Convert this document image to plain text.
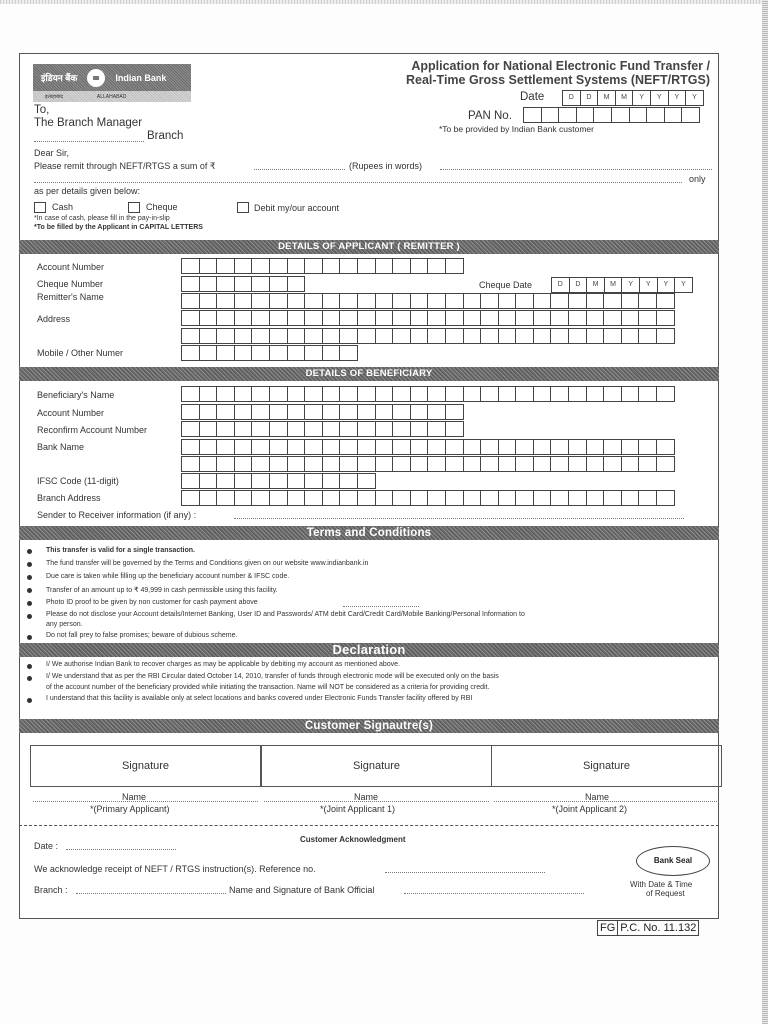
इंडियन बैंक	Indian Bank
इलाहाबाद	ALLAHABAD
Application for National Electronic Fund Transfer /
Real-Time Gross Settlement Systems (NEFT/RTGS)
Date	D	D	M	M	Y	Y	Y	Y
PAN No.
*To be provided by Indian Bank customer
To,
The Branch Manager
Branch
Dear Sir,
Please remit through NEFT/RTGS a sum of ₹	(Rupees in words)
only
as per details given below:
Cash	Cheque	Debit my/our account
*In case of cash, please fill in the pay-in-slip
*To be filled by the Applicant in CAPITAL LETTERS
DETAILS OF APPLICANT ( REMITTER )
Account Number
Cheque Number	Cheque Date	D	D	M	M	Y	Y	Y	Y
Remitter's Name
Address
Mobile / Other Numer
DETAILS OF BENEFICIARY
Beneficiary's Name
Account Number
Reconfirm Account Number
Bank Name
IFSC Code (11-digit)
Branch Address
Sender to Receiver information (if any) :
Terms and Conditions
This transfer is valid for a single transaction.
The fund transfer will be governed by the Terms and Conditions given on our website www.indianbank.in
Due care is taken while filling up the beneficiary account number & IFSC code.
Transfer of an amount up to ₹ 49,999 in cash permissible using this facility.
Photo ID proof to be given by non customer for cash payment above
Please do not disclose your Account details/Internet Banking, User ID and Passwords/ ATM debit Card/Credit Card/Mobile Banking/Personal Information to
any person.
Do not fall prey to false promises; beware of dubious scheme.
Declaration
I/ We authorise Indian Bank to recover charges as may be applicable by debiting my account as mentioned above.
I/ We understand that as per the RBI Circular dated October 14, 2010, transfer of funds through electronic mode will be executed only on the basis
of the account number of the beneficiary provided while initiating the transaction. Name will NOT be considered as a criteria for providing credit.
I understand that this facility is available only at select locations and banks covered under Electronic Funds Transfer facility offered by RBI
Customer Signautre(s)
Signature	Signature	Signature
Name
*(Primary Applicant)
Name
*(Joint Applicant 1)
Name
*(Joint Applicant 2)
Customer Acknowledgment
Date :
We acknowledge receipt of NEFT / RTGS instruction(s). Reference no.
Branch :	Name and Signature of Bank Official
Bank Seal
With Date & Time
of Request
FG P.C. No. 11.132
